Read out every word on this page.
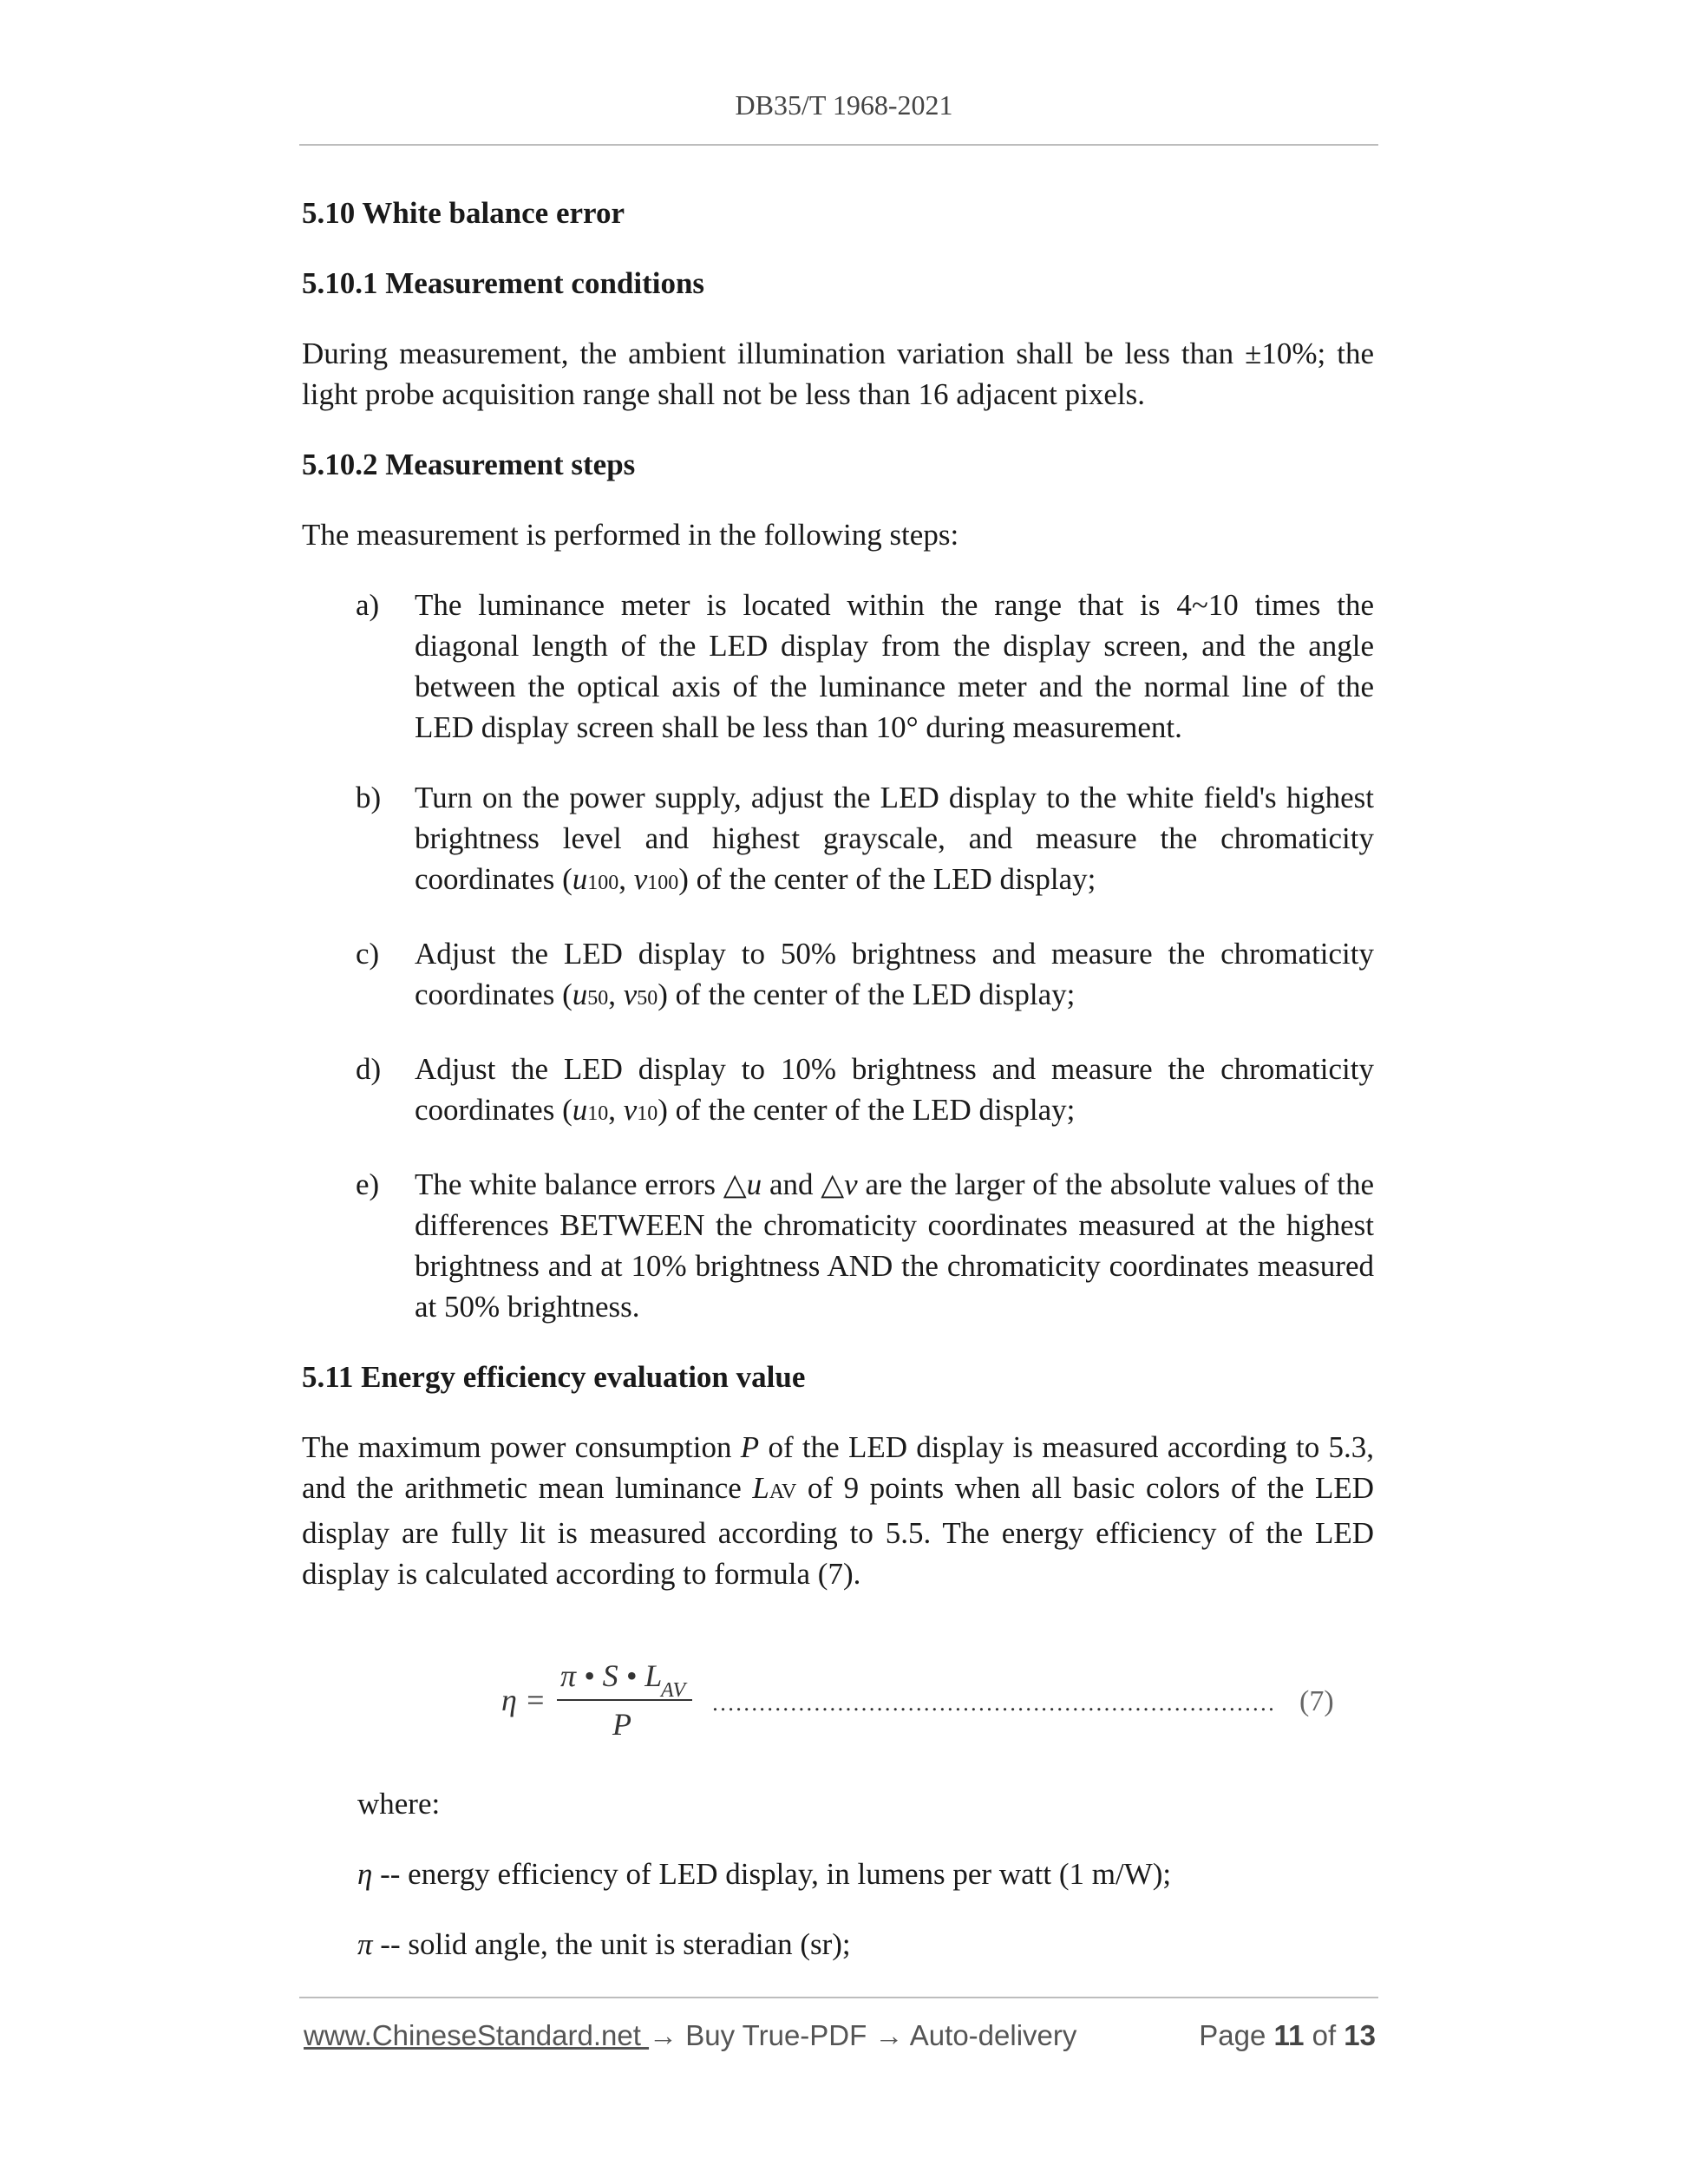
DB35/T 1968-2021
5.10 White balance error
5.10.1 Measurement conditions

During measurement, the ambient illumination variation shall be less than ±10%; the light probe acquisition range shall not be less than 16 adjacent pixels.

5.10.2 Measurement steps

The measurement is performed in the following steps:

a) The luminance meter is located within the range that is 4~10 times the diagonal length of the LED display from the display screen, and the angle between the optical axis of the luminance meter and the normal line of the LED display screen shall be less than 10° during measurement.
b) Turn on the power supply, adjust the LED display to the white field's highest brightness level and highest grayscale, and measure the chromaticity coordinates (u100, v100) of the center of the LED display;
c) Adjust the LED display to 50% brightness and measure the chromaticity coordinates (u50, v50) of the center of the LED display;
d) Adjust the LED display to 10% brightness and measure the chromaticity coordinates (u10, v10) of the center of the LED display;
e) The white balance errors △u and △v are the larger of the absolute values of the differences BETWEEN the chromaticity coordinates measured at the highest brightness and at 10% brightness AND the chromaticity coordinates measured at 50% brightness.
5.11 Energy efficiency evaluation value

The maximum power consumption P of the LED display is measured according to 5.3, and the arithmetic mean luminance LAV of 9 points when all basic colors of the LED display are fully lit is measured according to 5.5. The energy efficiency of the LED display is calculated according to formula (7).

η =
π • S • L
AV
P
……………………………………………………………… (7)

where:

η -- energy efficiency of LED display, in lumens per watt (1 m/W);

π -- solid angle, the unit is steradian (sr);

www.ChineseStandard.net → Buy True-PDF → Auto-delivery	Page 11 of 13
